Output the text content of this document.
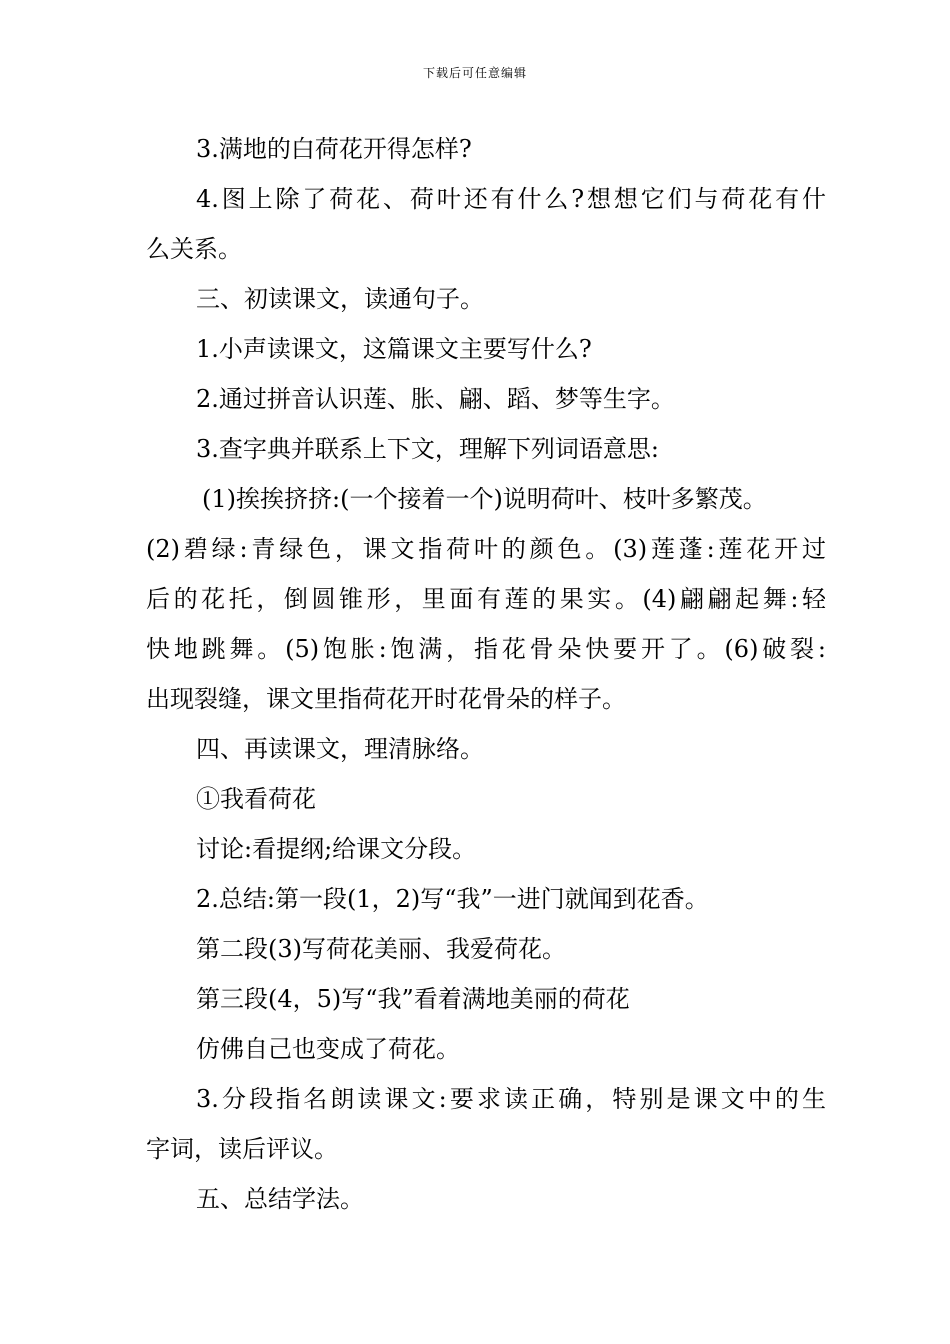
下载后可任意编辑
3.满地的白荷花开得怎样?
4.图上除了荷花、荷叶还有什么?想想它们与荷花有什
么关系。
三、初读课文，读通句子。
1.小声读课文，这篇课文主要写什么?
2.通过拼音认识莲、胀、翩、蹈、梦等生字。
3.查字典并联系上下文，理解下列词语意思:
(1)挨挨挤挤:(一个接着一个)说明荷叶、枝叶多繁茂。
(2)碧绿:青绿色，课文指荷叶的颜色。(3)莲蓬:莲花开过
后的花托，倒圆锥形，里面有莲的果实。(4)翩翩起舞:轻
快地跳舞。(5)饱胀:饱满，指花骨朵快要开了。(6)破裂:
出现裂缝，课文里指荷花开时花骨朵的样子。
四、再读课文，理清脉络。
①我看荷花
讨论:看提纲;给课文分段。
2.总结:第一段(1，2)写“我”一进门就闻到花香。
第二段(3)写荷花美丽、我爱荷花。
第三段(4，5)写“我”看着满地美丽的荷花
仿佛自己也变成了荷花。
3.分段指名朗读课文:要求读正确，特别是课文中的生
字词，读后评议。
五、总结学法。
